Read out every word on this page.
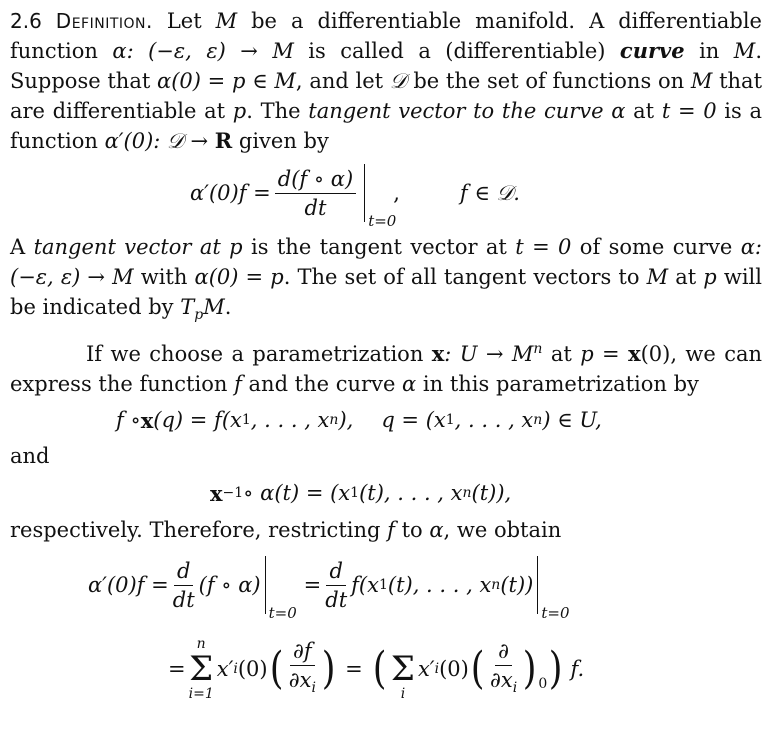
2.6 Definition. Let M be a differentiable manifold. A differentiable function α: (−ε, ε) → M is called a (differentiable) curve in M. Suppose that α(0) = p ∈ M, and let 𝒟 be the set of functions on M that are differentiable at p. The tangent vector to the curve α at t = 0 is a function α′(0): 𝒟 → R given by

$\alpha'(0)f = \frac{d(f \circ \alpha)}{dt}$
t=0
,	f ∈ 𝒟.

A tangent vector at p is the tangent vector at t = 0 of some curve α: (−ε, ε) → M with α(0) = p. The set of all tangent vectors to M at p will be indicated by $T_pM$.

If we choose a parametrization x: $U \to M^n$ at p = x(0), we can express the function f and the curve α in this parametrization by

f ∘ x (q) = f(x 1 , . . . , x n ), q = (x 1 , . . . , x n ) ∈ U,

and

x −1 ∘ α(t) = (x 1 (t), . . . , x n (t)),

respectively. Therefore, restricting f to α, we obtain

$\alpha'(0)f = \frac{d}{dt} (f$ ∘ α)
t=0
= $\frac{d}{dt} f(x$ 1 (t), . . . , x n (t))
t=0
=
n
Σ
i=1
x′ i (0) ( $\frac{\partial f}{\partial x_i}$ ) = ( Σ
i
x′ i (0) ( $\frac{\partial}{\partial x_i}$ ) 0 ) f.
